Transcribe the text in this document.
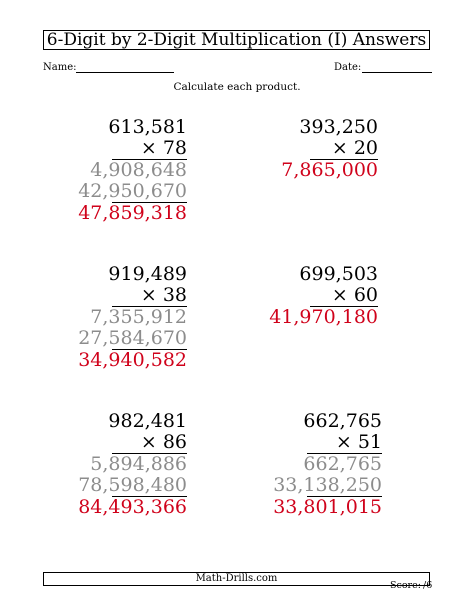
6-Digit by 2-Digit Multiplication (I) Answers
Name:	Date:
Calculate each product.
613,581
× 78
4,908,648
42,950,670
47,859,318
393,250
× 20
7,865,000
919,489
× 38
7,355,912
27,584,670
34,940,582
699,503
× 60
41,970,180
982,481
× 86
5,894,886
78,598,480
84,493,366
662,765
× 51
662,765
33,138,250
33,801,015
Score: /6
Math-Drills.com
